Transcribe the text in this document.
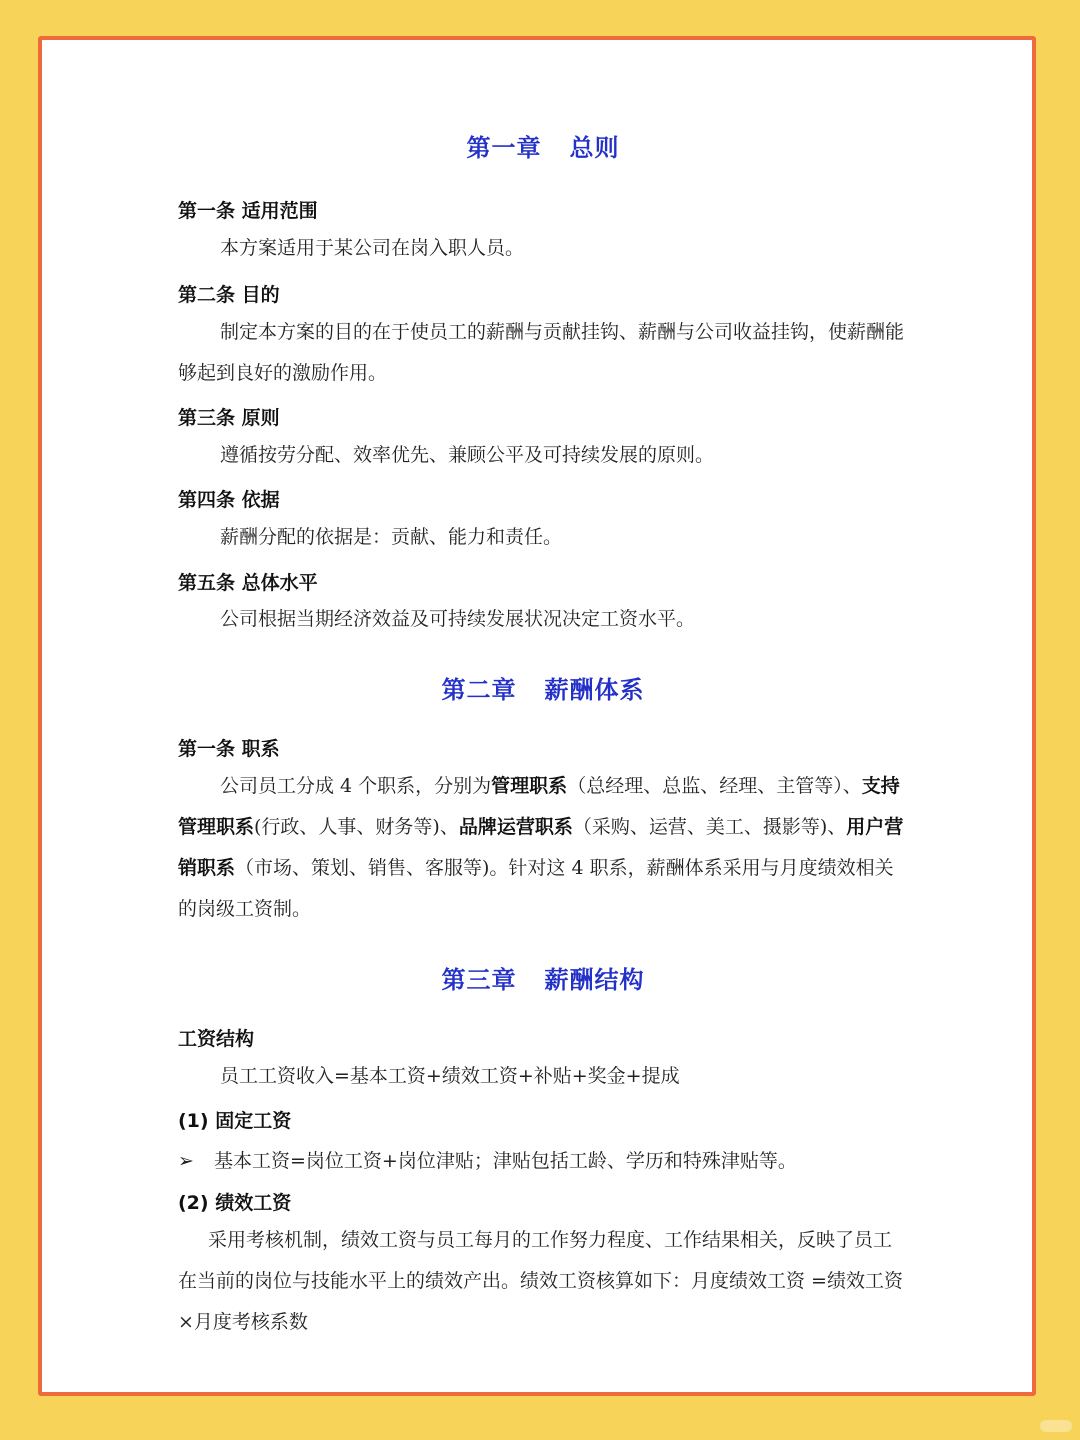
第一章 总则
第一条 适用范围
本方案适用于某公司在岗入职人员。
第二条 目的
制定本方案的目的在于使员工的薪酬与贡献挂钩、薪酬与公司收益挂钩，使薪酬能够起到良好的激励作用。
第三条 原则
遵循按劳分配、效率优先、兼顾公平及可持续发展的原则。
第四条 依据
薪酬分配的依据是：贡献、能力和责任。
第五条 总体水平
公司根据当期经济效益及可持续发展状况决定工资水平。
第二章 薪酬体系
第一条 职系
公司员工分成 4 个职系，分别为管理职系（总经理、总监、经理、主管等）、支持管理职系(行政、人事、财务等)、品牌运营职系（采购、运营、美工、摄影等)、用户营销职系（市场、策划、销售、客服等)。针对这 4 职系，薪酬体系采用与月度绩效相关的岗级工资制。
第三章 薪酬结构
工资结构
员工工资收入=基本工资+绩效工资+补贴+奖金+提成
(1) 固定工资
➢ 基本工资=岗位工资+岗位津贴；津贴包括工龄、学历和特殊津贴等。
(2) 绩效工资
采用考核机制，绩效工资与员工每月的工作努力程度、工作结果相关，反映了员工在当前的岗位与技能水平上的绩效产出。绩效工资核算如下：月度绩效工资 =绩效工资×月度考核系数
